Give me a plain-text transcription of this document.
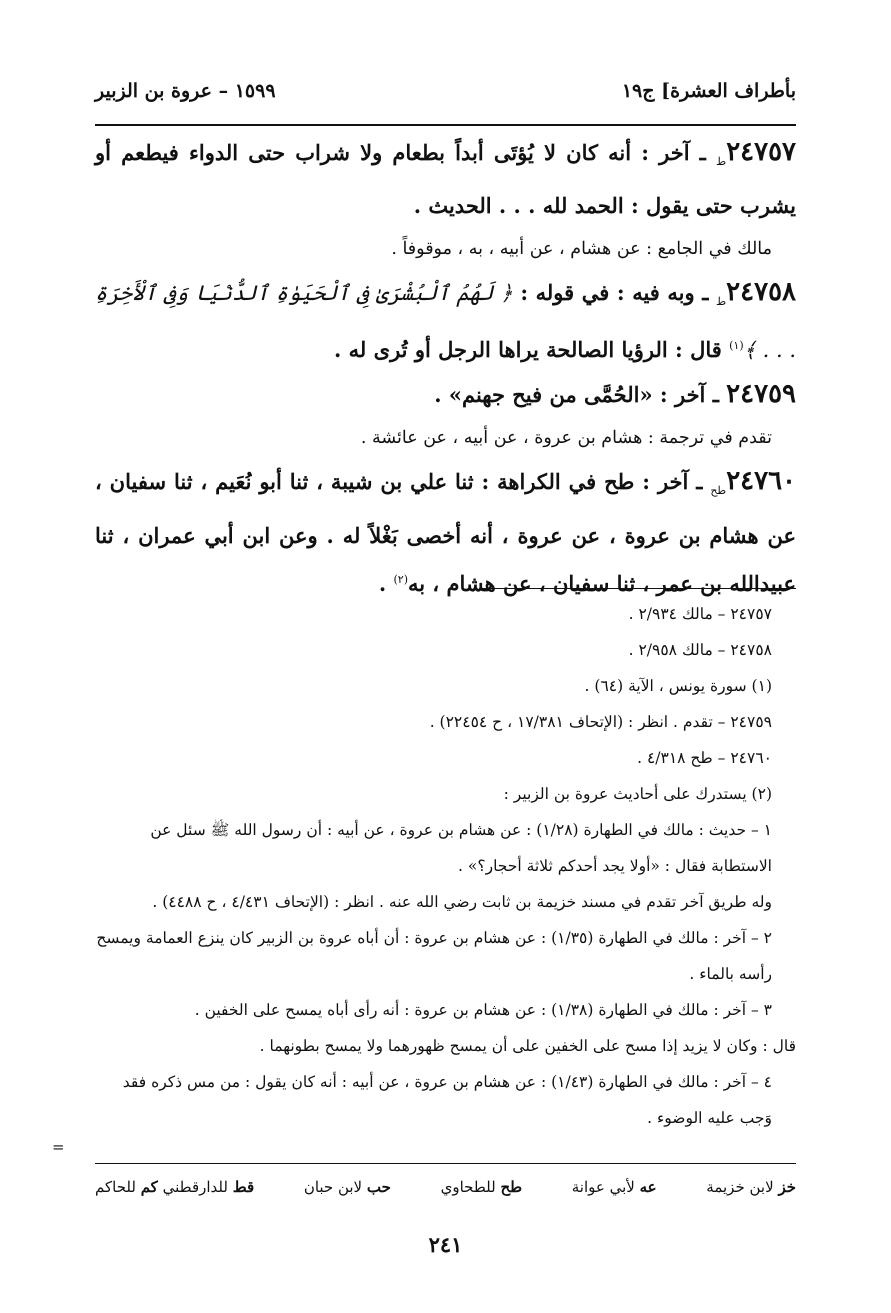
بأطراف العشرة] ج١٩
١٥٩٩ – عروة بن الزبير

$٢٤٧٥٧_ط$ ـ آخر : أنه كان لا يُؤتَى أبداً بطعام ولا شراب حتى الدواء فيطعم أو يشرب حتى يقول : الحمد لله . . . الحديث .

مالك في الجامع : عن هشام ، عن أبيه ، به ، موقوفاً .

$٢٤٧٥٨_ط$ ـ وبه فيه : في قوله : ﴿ لَهُمُ ٱلْبُشْرَىٰ فِى ٱلْحَيَوٰةِ ٱلدُّنْيَا وَفِى ٱلْأَخِرَةِ . . . ﴾$^{(١)}$ قال : الرؤيا الصالحة يراها الرجل أو تُرى له .

٢٤٧٥٩ ـ آخر : «الحُمَّى من فيح جهنم» .

تقدم في ترجمة : هشام بن عروة ، عن أبيه ، عن عائشة .

$٢٤٧٦٠_{طح}$ ـ آخر : طح في الكراهة : ثنا علي بن شيبة ، ثنا أبو نُعَيم ، ثنا سفيان ، عن هشام بن عروة ، عن عروة ، أنه أخصى بَغْلاً له . وعن ابن أبي عمران ، ثنا عبيدالله بن عمر ، ثنا سفيان ، عن هشام ، به$^{(٢)}$ .

٢٤٧٥٧ – مالك ٢/٩٣٤ .

٢٤٧٥٨ – مالك ٢/٩٥٨ .

(١) سورة يونس ، الآية (٦٤) .

٢٤٧٥٩ – تقدم . انظر : (الإتحاف ١٧/٣٨١ ، ح ٢٢٤٥٤) .

٢٤٧٦٠ – طح ٤/٣١٨ .

(٢) يستدرك على أحاديث عروة بن الزبير :

١ – حديث : مالك في الطهارة (١/٢٨) : عن هشام بن عروة ، عن أبيه : أن رسول الله ﷺ سئل عن الاستطابة فقال : «أولا يجد أحدكم ثلاثة أحجار؟» .

وله طريق آخر تقدم في مسند خزيمة بن ثابت رضي الله عنه . انظر : (الإتحاف ٤/٤٣١ ، ح ٤٤٨٨) .

٢ – آخر : مالك في الطهارة (١/٣٥) : عن هشام بن عروة : أن أباه عروة بن الزبير كان ينزع العمامة ويمسح رأسه بالماء .

٣ – آخر : مالك في الطهارة (١/٣٨) : عن هشام بن عروة : أنه رأى أباه يمسح على الخفين .

قال : وكان لا يزيد إذا مسح على الخفين على أن يمسح ظهورهما ولا يمسح بطونهما .

٤ – آخر : مالك في الطهارة (١/٤٣) : عن هشام بن عروة ، عن أبيه : أنه كان يقول : من مس ذكره فقد وَجب عليه الوضوء .

=
خز لابن خزيمة
عه لأبي عوانة
طح للطحاوي
حب لابن حبان
قط للدارقطني كم للحاكم
٢٤١
